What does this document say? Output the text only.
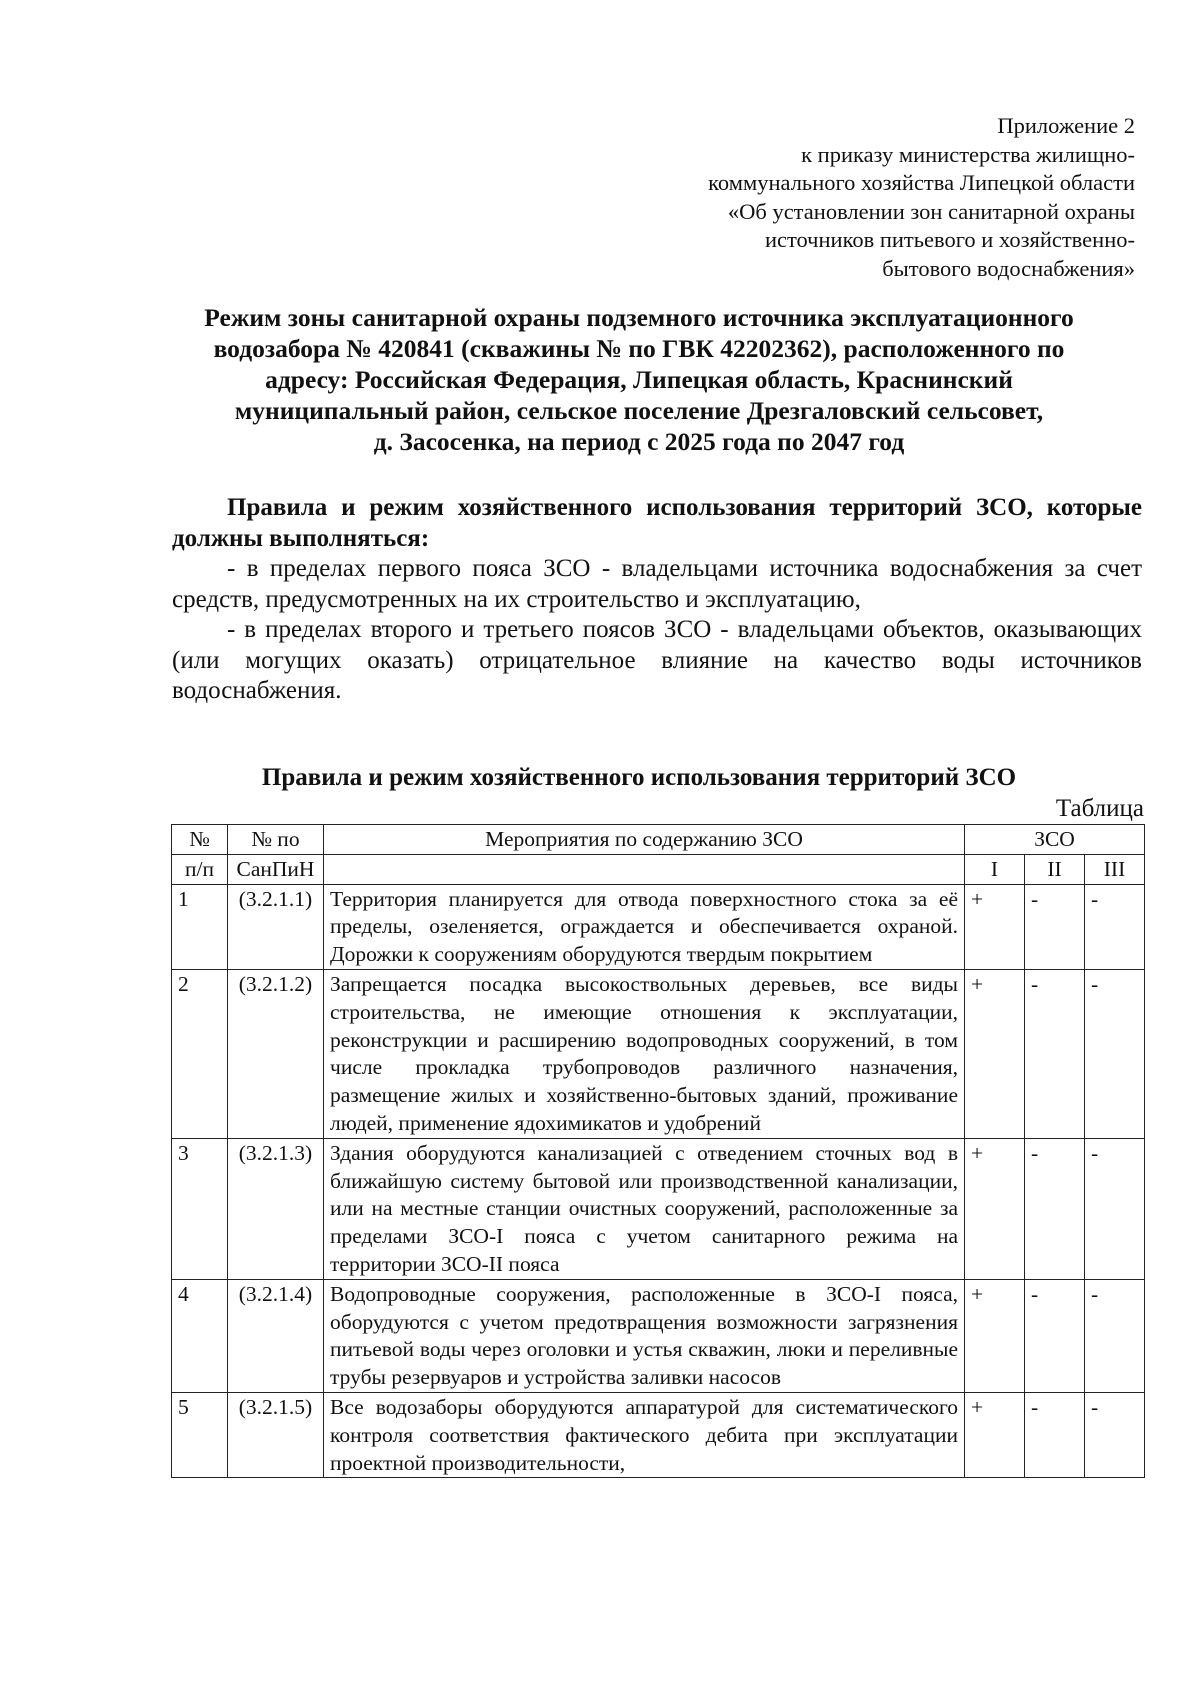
Приложение 2
к приказу министерства жилищно-
коммунального хозяйства Липецкой области
«Об установлении зон санитарной охраны
источников питьевого и хозяйственно-
бытового водоснабжения»
Режим зоны санитарной охраны подземного источника эксплуатационного
водозабора № 420841 (скважины № по ГВК 42202362), расположенного по
адресу: Российская Федерация, Липецкая область, Краснинский
муниципальный район, сельское поселение Дрезгаловский сельсовет,
д. Засосенка, на период с 2025 года по 2047 год
Правила и режим хозяйственного использования территорий ЗСО, которые должны выполняться:

- в пределах первого пояса ЗСО - владельцами источника водоснабжения за счет средств, предусмотренных на их строительство и эксплуатацию,

- в пределах второго и третьего поясов ЗСО - владельцами объектов, оказывающих (или могущих оказать) отрицательное влияние на качество воды источников водоснабжения.

Правила и режим хозяйственного использования территорий ЗСО
Таблица
№	№ по	Мероприятия по содержанию ЗСО	ЗСО		
п/п	СанПиН		I	II	III
1	(3.2.1.1)	Территория планируется для отвода поверхностного стока за её пределы, озеленяется, ограждается и обеспечивается охраной. Дорожки к сооружениям оборудуются твердым покрытием	+	-	-
2	(3.2.1.2)	Запрещается посадка высокоствольных деревьев, все виды строительства, не имеющие отношения к эксплуатации, реконструкции и расширению водопроводных сооружений, в том числе прокладка трубопроводов различного назначения, размещение жилых и хозяйственно-бытовых зданий, проживание людей, применение ядохимикатов и удобрений	+	-	-
3	(3.2.1.3)	Здания оборудуются канализацией с отведением сточных вод в ближайшую систему бытовой или производственной канализации, или на местные станции очистных сооружений, расположенные за пределами ЗСО-I пояса с учетом санитарного режима на территории ЗСО-II пояса	+	-	-
4	(3.2.1.4)	Водопроводные сооружения, расположенные в ЗСО-I пояса, оборудуются с учетом предотвращения возможности загрязнения питьевой воды через оголовки и устья скважин, люки и переливные трубы резервуаров и устройства заливки насосов	+	-	-
5	(3.2.1.5)	Все водозаборы оборудуются аппаратурой для систематического контроля соответствия фактического дебита при эксплуатации проектной производительности,	+	-	-
